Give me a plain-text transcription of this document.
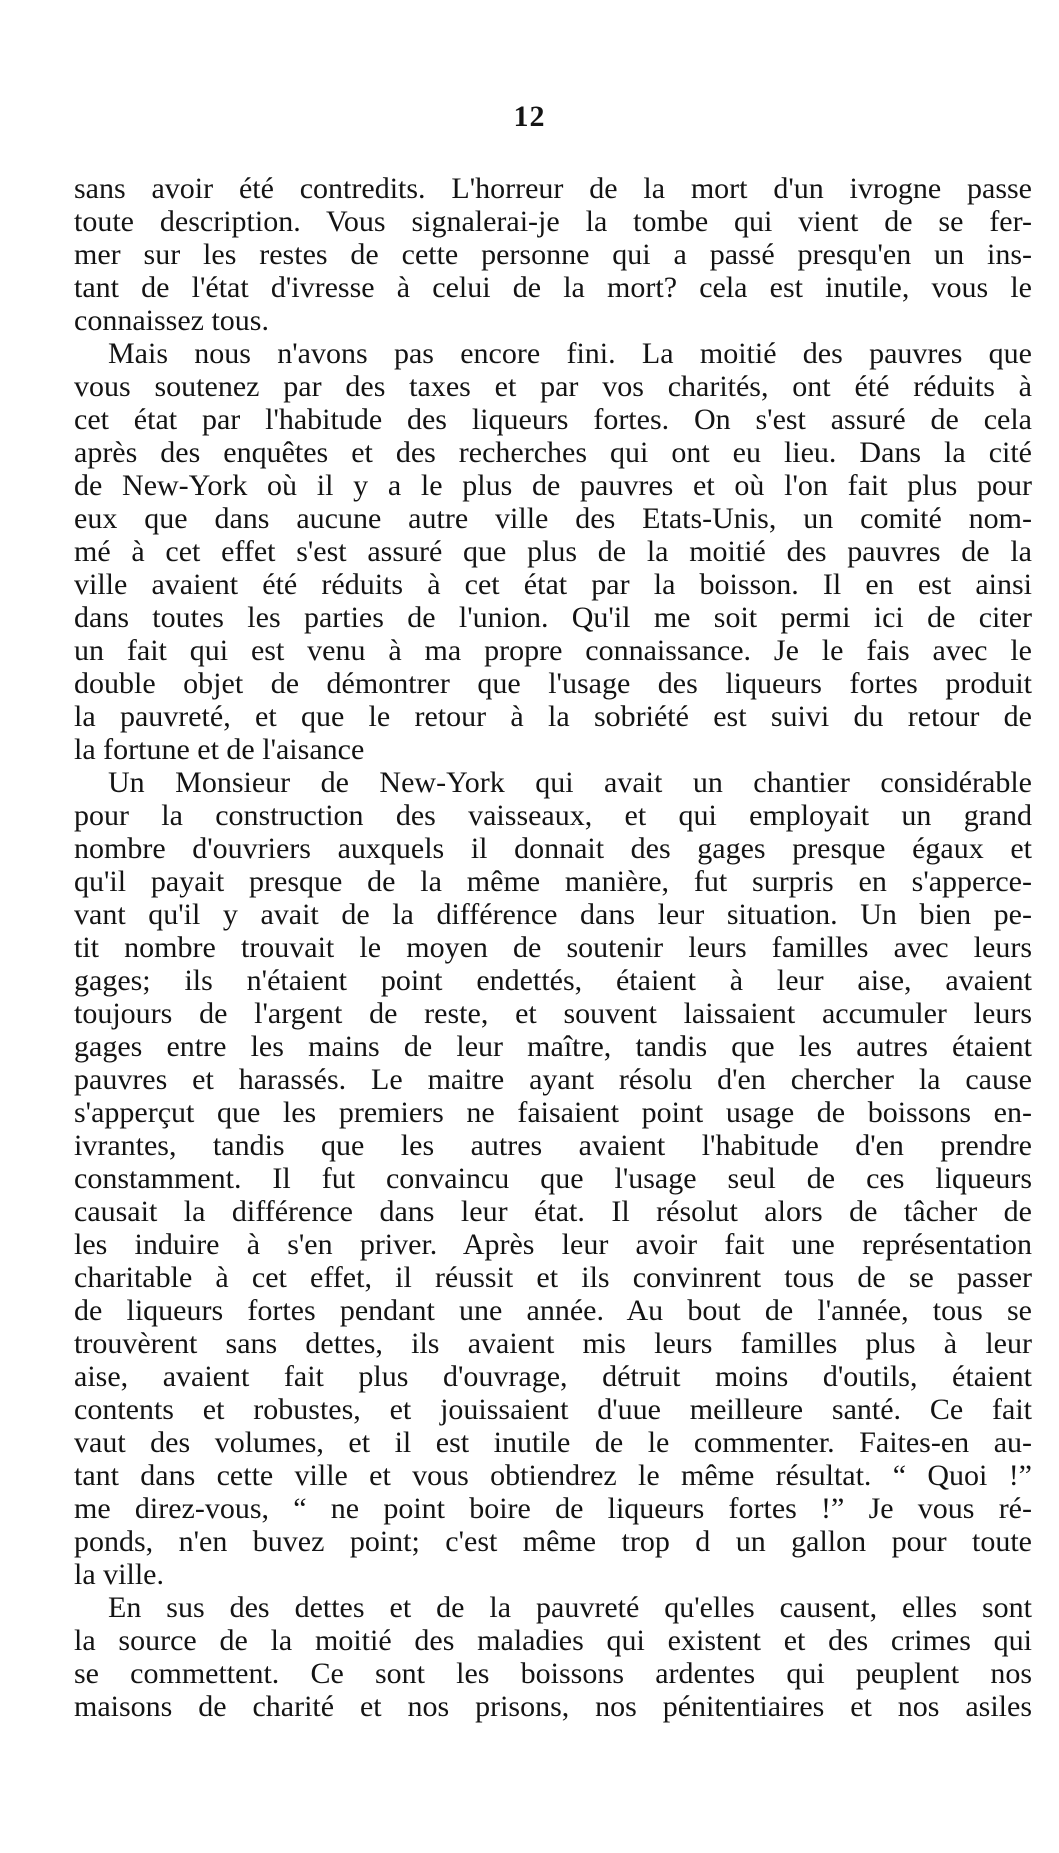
12
sans avoir été contredits. L'horreur de la mort d'un ivrogne passe
toute description. Vous signalerai-je la tombe qui vient de se fer-
mer sur les restes de cette personne qui a passé presqu'en un ins-
tant de l'état d'ivresse à celui de la mort? cela est inutile, vous le
connaissez tous.
Mais nous n'avons pas encore fini. La moitié des pauvres que
vous soutenez par des taxes et par vos charités, ont été réduits à
cet état par l'habitude des liqueurs fortes. On s'est assuré de cela
après des enquêtes et des recherches qui ont eu lieu. Dans la cité
de New-York où il y a le plus de pauvres et où l'on fait plus pour
eux que dans aucune autre ville des Etats-Unis, un comité nom-
mé à cet effet s'est assuré que plus de la moitié des pauvres de la
ville avaient été réduits à cet état par la boisson. Il en est ainsi
dans toutes les parties de l'union. Qu'il me soit permi ici de citer
un fait qui est venu à ma propre connaissance. Je le fais avec le
double objet de démontrer que l'usage des liqueurs fortes produit
la pauvreté, et que le retour à la sobriété est suivi du retour de
la fortune et de l'aisance
Un Monsieur de New-York qui avait un chantier considérable
pour la construction des vaisseaux, et qui employait un grand
nombre d'ouvriers auxquels il donnait des gages presque égaux et
qu'il payait presque de la même manière, fut surpris en s'apperce-
vant qu'il y avait de la différence dans leur situation. Un bien pe-
tit nombre trouvait le moyen de soutenir leurs familles avec leurs
gages; ils n'étaient point endettés, étaient à leur aise, avaient
toujours de l'argent de reste, et souvent laissaient accumuler leurs
gages entre les mains de leur maître, tandis que les autres étaient
pauvres et harassés. Le maitre ayant résolu d'en chercher la cause
s'apperçut que les premiers ne faisaient point usage de boissons en-
ivrantes, tandis que les autres avaient l'habitude d'en prendre
constamment. Il fut convaincu que l'usage seul de ces liqueurs
causait la différence dans leur état. Il résolut alors de tâcher de
les induire à s'en priver. Après leur avoir fait une représentation
charitable à cet effet, il réussit et ils convinrent tous de se passer
de liqueurs fortes pendant une année. Au bout de l'année, tous se
trouvèrent sans dettes, ils avaient mis leurs familles plus à leur
aise, avaient fait plus d'ouvrage, détruit moins d'outils, étaient
contents et robustes, et jouissaient d'uue meilleure santé. Ce fait
vaut des volumes, et il est inutile de le commenter. Faites-en au-
tant dans cette ville et vous obtiendrez le même résultat. “ Quoi !”
me direz-vous, “ ne point boire de liqueurs fortes !” Je vous ré-
ponds, n'en buvez point; c'est même trop d un gallon pour toute
la ville.
En sus des dettes et de la pauvreté qu'elles causent, elles sont
la source de la moitié des maladies qui existent et des crimes qui
se commettent. Ce sont les boissons ardentes qui peuplent nos
maisons de charité et nos prisons, nos pénitentiaires et nos asiles
